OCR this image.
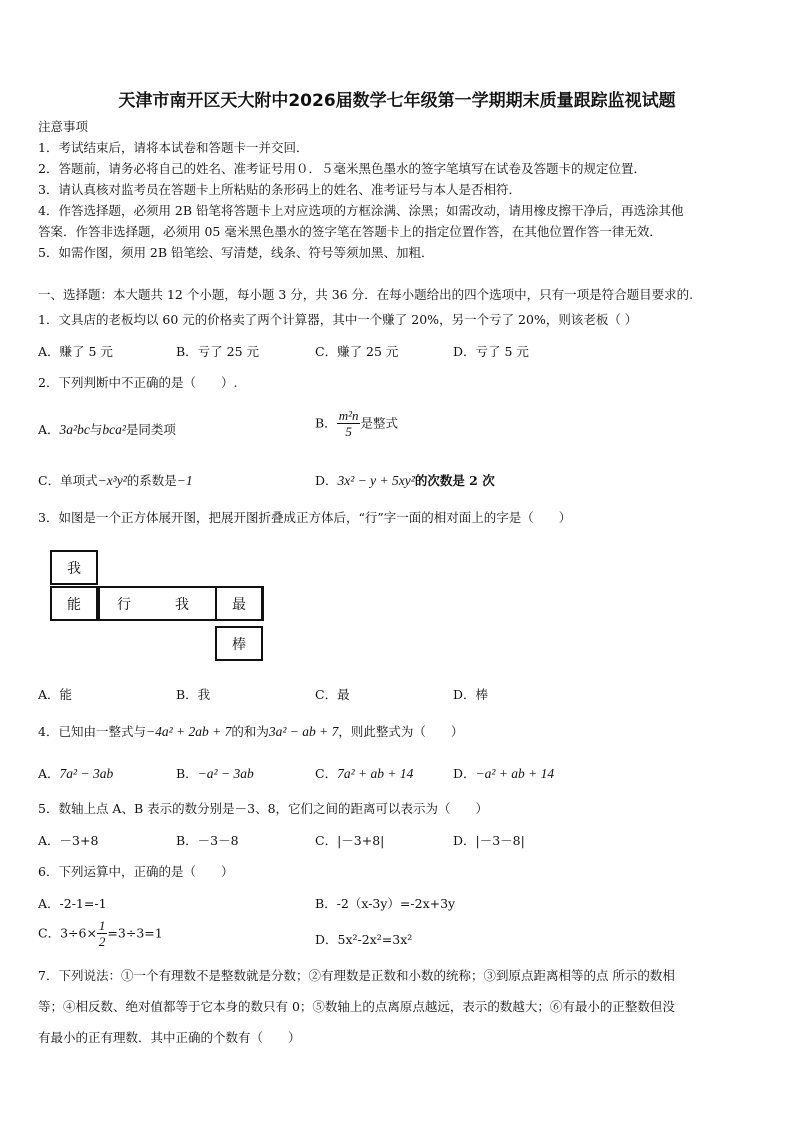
天津市南开区天大附中2026届数学七年级第一学期期末质量跟踪监视试题
注意事项
1．考试结束后，请将本试卷和答题卡一并交回．
2．答题前，请务必将自己的姓名、准考证号用０．５毫米黑色墨水的签字笔填写在试卷及答题卡的规定位置．
3．请认真核对监考员在答题卡上所粘贴的条形码上的姓名、准考证号与本人是否相符．
4．作答选择题，必须用 2B 铅笔将答题卡上对应选项的方框涂满、涂黑；如需改动，请用橡皮擦干净后，再选涂其他
答案．作答非选择题，必须用 05 毫米黑色墨水的签字笔在答题卡上的指定位置作答，在其他位置作答一律无效．
5．如需作图，须用 2B 铅笔绘、写清楚，线条、符号等须加黑、加粗．
一、选择题：本大题共 12 个小题，每小题 3 分，共 36 分．在每小题给出的四个选项中，只有一项是符合题目要求的.
1．文具店的老板均以 60 元的价格卖了两个计算器，其中一个赚了 20%，另一个亏了 20%，则该老板（ ）
A．赚了 5 元	B．亏了 25 元	C．赚了 25 元	D．亏了 5 元
2．下列判断中不正确的是（　　）.
A．3a²bc与bca²是同类项	B． $\frac{\text{m²n}}{5}$ 是整式
C．单项式−x³y²的系数是−1	D．3x² − y + 5xy²的次数是 2 次
3．如图是一个正方体展开图，把展开图折叠成正方体后，“行”字一面的相对面上的字是（　　）
我
能	行	我	最
棒
A．能	B．我	C．最	D．棒
4．已知由一整式与−4a² + 2ab + 7的和为3a² − ab + 7，则此整式为（　　）
A．7a² − 3ab	B．−a² − 3ab	C．7a² + ab + 14	D．−a² + ab + 14
5．数轴上点 A、B 表示的数分别是－3、8，它们之间的距离可以表示为（　　）
A．－3+8	B．－3－8	C．|－3+8|	D．|－3－8|
6．下列运算中，正确的是（　　）
A．-2-1=-1	B．-2（x-3y）=-2x+3y
C．$3\div 6\times \frac{1}{2} =3\div 3=1$	D．5x²-2x²=3x²
7．下列说法：①一个有理数不是整数就是分数；②有理数是正数和小数的统称；③到原点距离相等的点 所示的数相
等；④相反数、绝对值都等于它本身的数只有 0；⑤数轴上的点离原点越远，表示的数越大；⑥有最小的正整数但没
有最小的正有理数．其中正确的个数有（　　）
